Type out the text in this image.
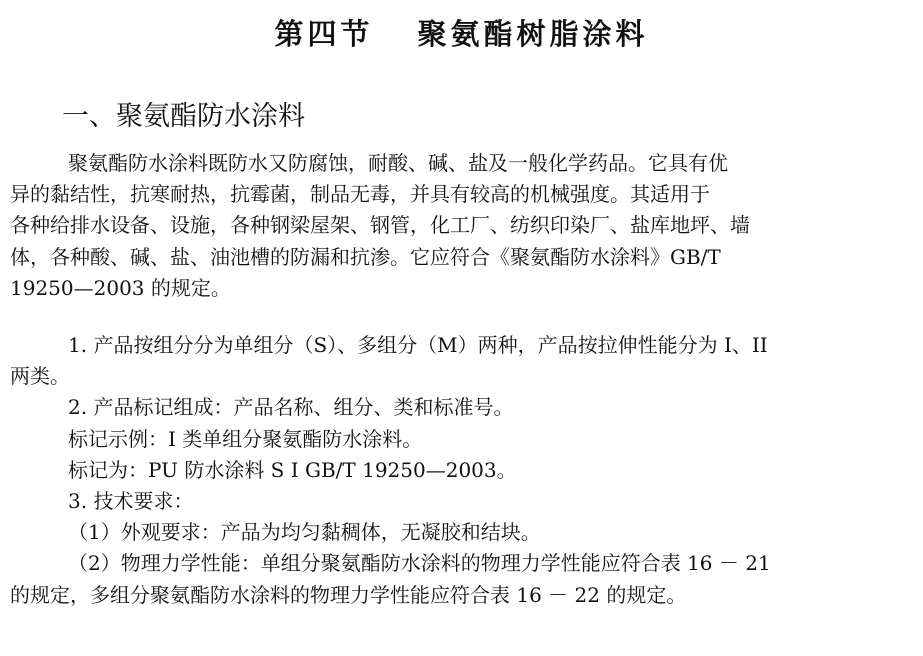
第四节 聚氨酯树脂涂料
一、聚氨酯防水涂料
聚氨酯防水涂料既防水又防腐蚀，耐酸、碱、盐及一般化学药品。它具有优
异的黏结性，抗寒耐热，抗霉菌，制品无毒，并具有较高的机械强度。其适用于
各种给排水设备、设施，各种钢梁屋架、钢管，化工厂、纺织印染厂、盐库地坪、墙
体，各种酸、碱、盐、油池槽的防漏和抗渗。它应符合《聚氨酯防水涂料》GB/T
19250—2003 的规定。
1. 产品按组分分为单组分（S）、多组分（M）两种，产品按拉伸性能分为 I、II
两类。
2. 产品标记组成：产品名称、组分、类和标准号。
标记示例：I 类单组分聚氨酯防水涂料。
标记为：PU 防水涂料 S I GB/T 19250—2003。
3. 技术要求：
（1）外观要求：产品为均匀黏稠体，无凝胶和结块。
（2）物理力学性能：单组分聚氨酯防水涂料的物理力学性能应符合表 16 － 21
的规定，多组分聚氨酯防水涂料的物理力学性能应符合表 16 － 22 的规定。
